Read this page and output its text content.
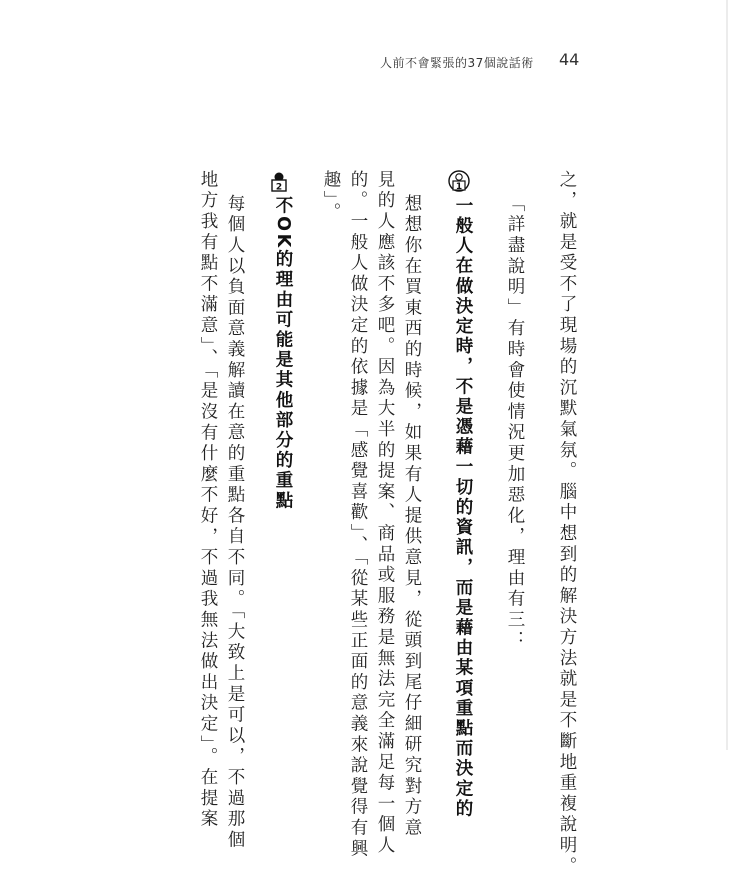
人前不會緊張的37個說話術 44
之，就是受不了現場的沉默氣氛。腦中想到的解決方法就是不斷地重複說明。
「詳盡說明」有時會使情況更加惡化，理由有三：
1
一般人在做決定時，不是憑藉一切的資訊，而是藉由某項重點而決定的
想想你在買東西的時候，如果有人提供意見，從頭到尾仔細研究對方意
見的人應該不多吧。因為大半的提案、商品或服務是無法完全滿足每一個人
的。一般人做決定的依據是「感覺喜歡」、「從某些正面的意義來說覺得有興
趣」。
2
不OK的理由可能是其他部分的重點
每個人以負面意義解讀在意的重點各自不同。「大致上是可以，不過那個
地方我有點不滿意」、「是沒有什麼不好，不過我無法做出決定」。在提案
